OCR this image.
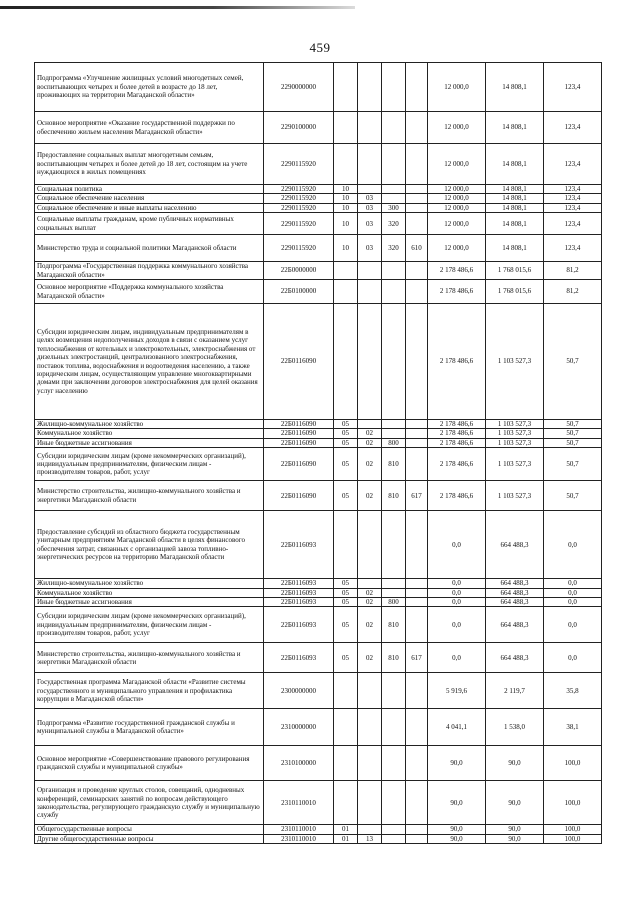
459
Подпрограмма «Улучшение жилищных условий многодетных семей, воспитывающих четырех и более детей в возрасте до 18 лет, проживающих на территории Магаданской области»	2290000000					12 000,0	14 808,1	123,4
Основное мероприятие «Оказание государственной поддержки по обеспечению жильем населения Магаданской области»	2290100000					12 000,0	14 808,1	123,4
Предоставление социальных выплат многодетным семьям, воспитывающим четырех и более детей до 18 лет, состоящим на учете нуждающихся в жилых помещениях	2290115920					12 000,0	14 808,1	123,4
Социальная политика	2290115920	10				12 000,0	14 808,1	123,4
Социальное обеспечение населения	2290115920	10	03			12 000,0	14 808,1	123,4
Социальное обеспечение и иные выплаты населению	2290115920	10	03	300		12 000,0	14 808,1	123,4
Социальные выплаты гражданам, кроме публичных нормативных социальных выплат	2290115920	10	03	320		12 000,0	14 808,1	123,4
Министерство труда и социальной политики Магаданской области	2290115920	10	03	320	610	12 000,0	14 808,1	123,4
Подпрограмма «Государственная поддержка коммунального хозяйства Магаданской области»	22Б0000000					2 178 486,6	1 768 015,6	81,2
Основное мероприятие «Поддержка коммунального хозяйства Магаданской области»	22Б0100000					2 178 486,6	1 768 015,6	81,2
Субсидии юридическим лицам, индивидуальным предпринимателям в целях возмещения недополученных доходов в связи с оказанием услуг теплоснабжения от котельных и электрокотельных, электроснабжения от дизельных электростанций, централизованного электроснабжения, поставок топлива, водоснабжения и водоотведения населению, а также юридическим лицам, осуществляющим управление многоквартирными домами при заключении договоров электроснабжения для целей оказания услуг населению	22Б0116090					2 178 486,6	1 103 527,3	50,7
Жилищно-коммунальное хозяйство	22Б0116090	05				2 178 486,6	1 103 527,3	50,7
Коммунальное хозяйство	22Б0116090	05	02			2 178 486,6	1 103 527,3	50,7
Иные бюджетные ассигнования	22Б0116090	05	02	800		2 178 486,6	1 103 527,3	50,7
Субсидии юридическим лицам (кроме некоммерческих организаций), индивидуальным предпринимателям, физическим лицам - производителям товаров, работ, услуг	22Б0116090	05	02	810		2 178 486,6	1 103 527,3	50,7
Министерство строительства, жилищно-коммунального хозяйства и энергетики Магаданской области	22Б0116090	05	02	810	617	2 178 486,6	1 103 527,3	50,7
Предоставление субсидий из областного бюджета государственным унитарным предприятиям Магаданской области в целях финансового обеспечения затрат, связанных с организацией завоза топливно-энергетических ресурсов на территорию Магаданской области	22Б0116093					0,0	664 488,3	0,0
Жилищно-коммунальное хозяйство	22Б0116093	05				0,0	664 488,3	0,0
Коммунальное хозяйство	22Б0116093	05	02			0,0	664 488,3	0,0
Иные бюджетные ассигнования	22Б0116093	05	02	800		0,0	664 488,3	0,0
Субсидии юридическим лицам (кроме некоммерческих организаций), индивидуальным предпринимателям, физическим лицам - производителям товаров, работ, услуг	22Б0116093	05	02	810		0,0	664 488,3	0,0
Министерство строительства, жилищно-коммунального хозяйства и энергетики Магаданской области	22Б0116093	05	02	810	617	0,0	664 488,3	0,0
Государственная программа Магаданской области «Развитие системы государственного и муниципального управления и профилактика коррупции в Магаданской области»	2300000000					5 919,6	2 119,7	35,8
Подпрограмма «Развитие государственной гражданской службы и муниципальной службы в Магаданской области»	2310000000					4 041,1	1 538,0	38,1
Основное мероприятие «Совершенствование правового регулирования гражданской службы и муниципальной службы»	2310100000					90,0	90,0	100,0
Организация и проведение круглых столов, совещаний, однодневных конференций, семинарских занятий по вопросам действующего законодательства, регулирующего гражданскую службу и муниципальную службу	2310110010					90,0	90,0	100,0
Общегосударственные вопросы	2310110010	01				90,0	90,0	100,0
Другие общегосударственные вопросы	2310110010	01	13			90,0	90,0	100,0
